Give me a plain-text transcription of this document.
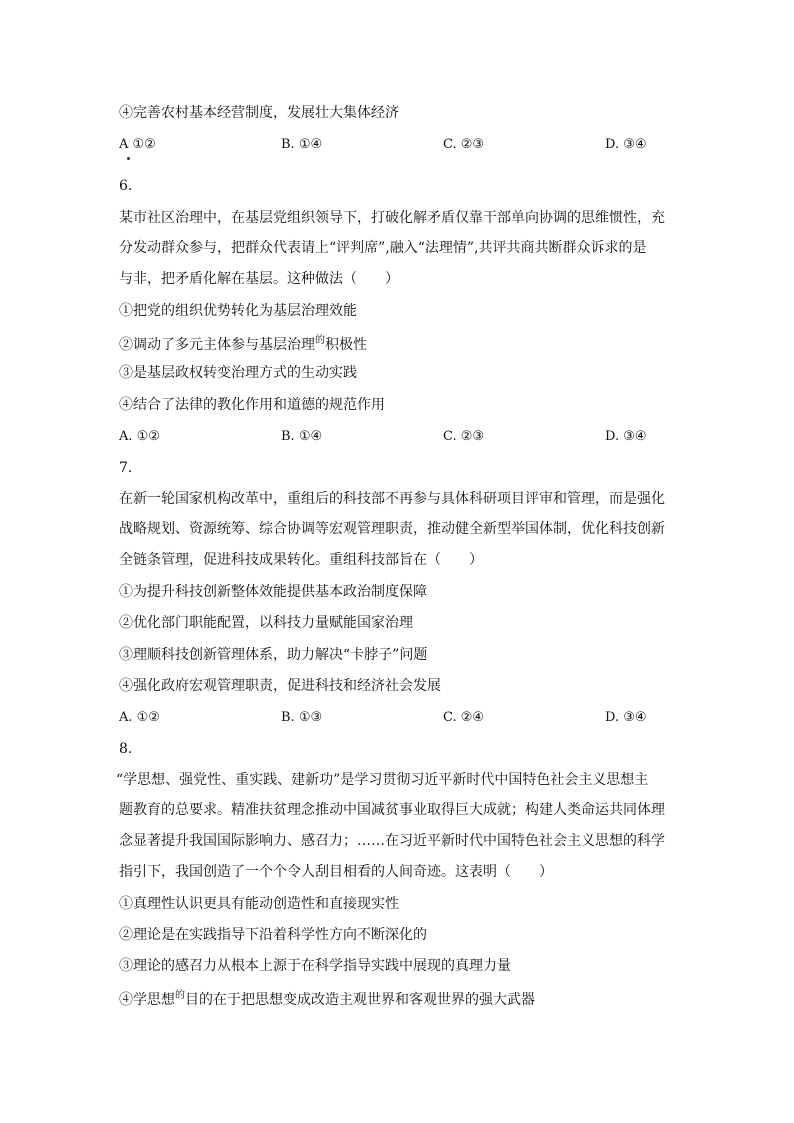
④完善农村基本经营制度，发展壮大集体经济
A ①②	B. ①④	C. ②③	D. ③④
6.
某市社区治理中，在基层党组织领导下，打破化解矛盾仅靠干部单向协调的思维惯性，充
分发动群众参与，把群众代表请上“评判席”,融入“法理情”,共评共商共断群众诉求的是
与非，把矛盾化解在基层。这种做法（　　）
①把党的组织优势转化为基层治理效能
②调动了多元主体参与基层治理$^的$积极性
③是基层政权转变治理方式的生动实践
④结合了法律的教化作用和道德的规范作用
A. ①②	B. ①④	C. ②③	D. ③④
7.
在新一轮国家机构改革中，重组后的科技部不再参与具体科研项目评审和管理，而是强化
战略规划、资源统筹、综合协调等宏观管理职责，推动健全新型举国体制，优化科技创新
全链条管理，促进科技成果转化。重组科技部旨在（　　）
①为提升科技创新整体效能提供基本政治制度保障
②优化部门职能配置，以科技力量赋能国家治理
③理顺科技创新管理体系，助力解决“卡脖子”问题
④强化政府宏观管理职责，促进科技和经济社会发展
A. ①②	B. ①③	C. ②④	D. ③④
8.
“学思想、强党性、重实践、建新功”是学习贯彻习近平新时代中国特色社会主义思想主
题教育的总要求。精准扶贫理念推动中国减贫事业取得巨大成就；构建人类命运共同体理
念显著提升我国国际影响力、感召力；……在习近平新时代中国特色社会主义思想的科学
指引下，我国创造了一个个令人刮目相看的人间奇迹。这表明（　　）
①真理性认识更具有能动创造性和直接现实性
②理论是在实践指导下沿着科学性方向不断深化的
③理论的感召力从根本上源于在科学指导实践中展现的真理力量
④学思想$^的$目的在于把思想变成改造主观世界和客观世界的强大武器
